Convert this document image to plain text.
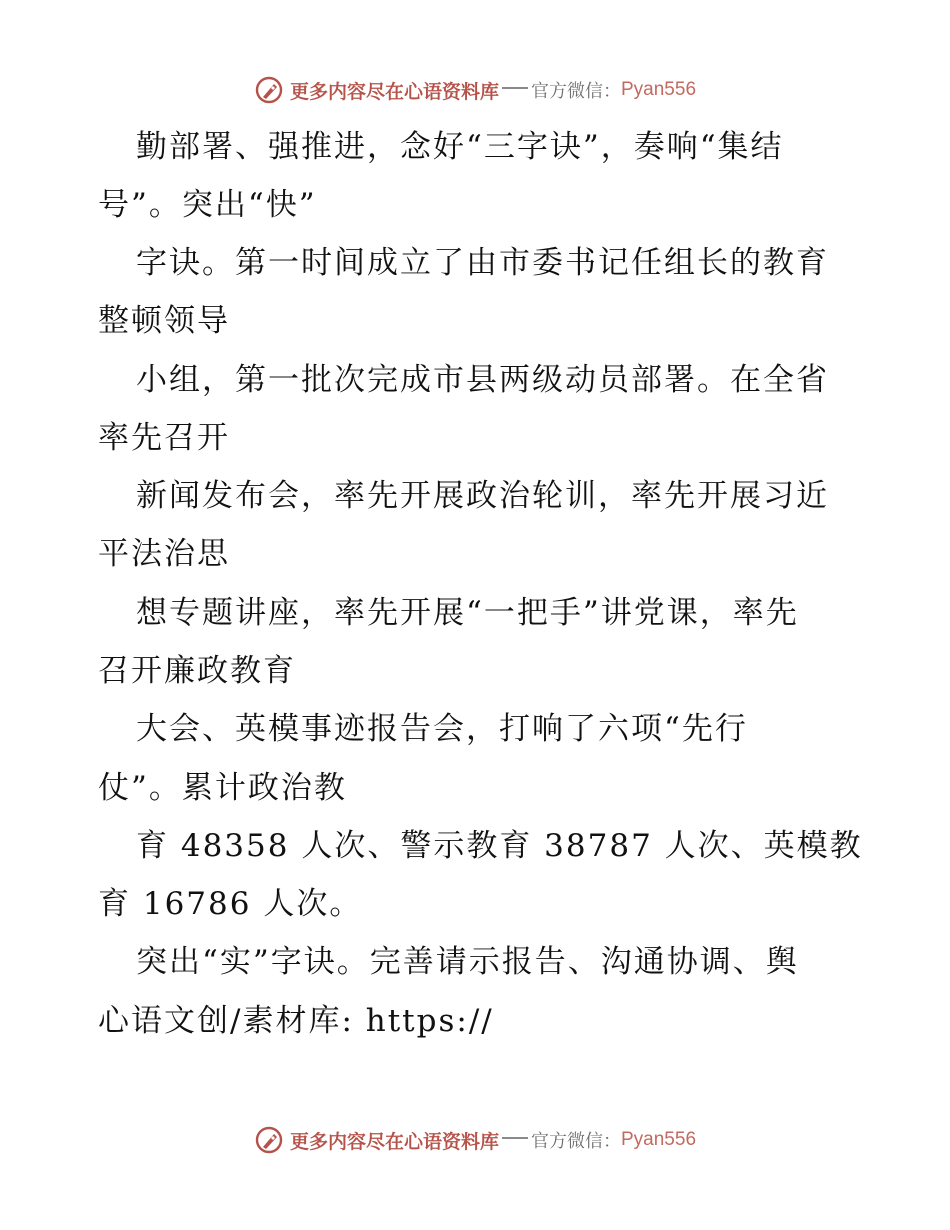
更多内容尽在心语资料库 官方微信： Pyan556
勤部署、强推进，念好“三字诀”，奏响“集结
号”。突出“快”
字诀。第一时间成立了由市委书记任组长的教育
整顿领导
小组，第一批次完成市县两级动员部署。在全省
率先召开
新闻发布会，率先开展政治轮训，率先开展习近
平法治思
想专题讲座，率先开展“一把手”讲党课，率先
召开廉政教育
大会、英模事迹报告会，打响了六项“先行
仗”。累计政治教
育 48358 人次、警示教育 38787 人次、英模教
育 16786 人次。
突出“实”字诀。完善请示报告、沟通协调、舆
心语文创/素材库: https://
更多内容尽在心语资料库 官方微信： Pyan556
